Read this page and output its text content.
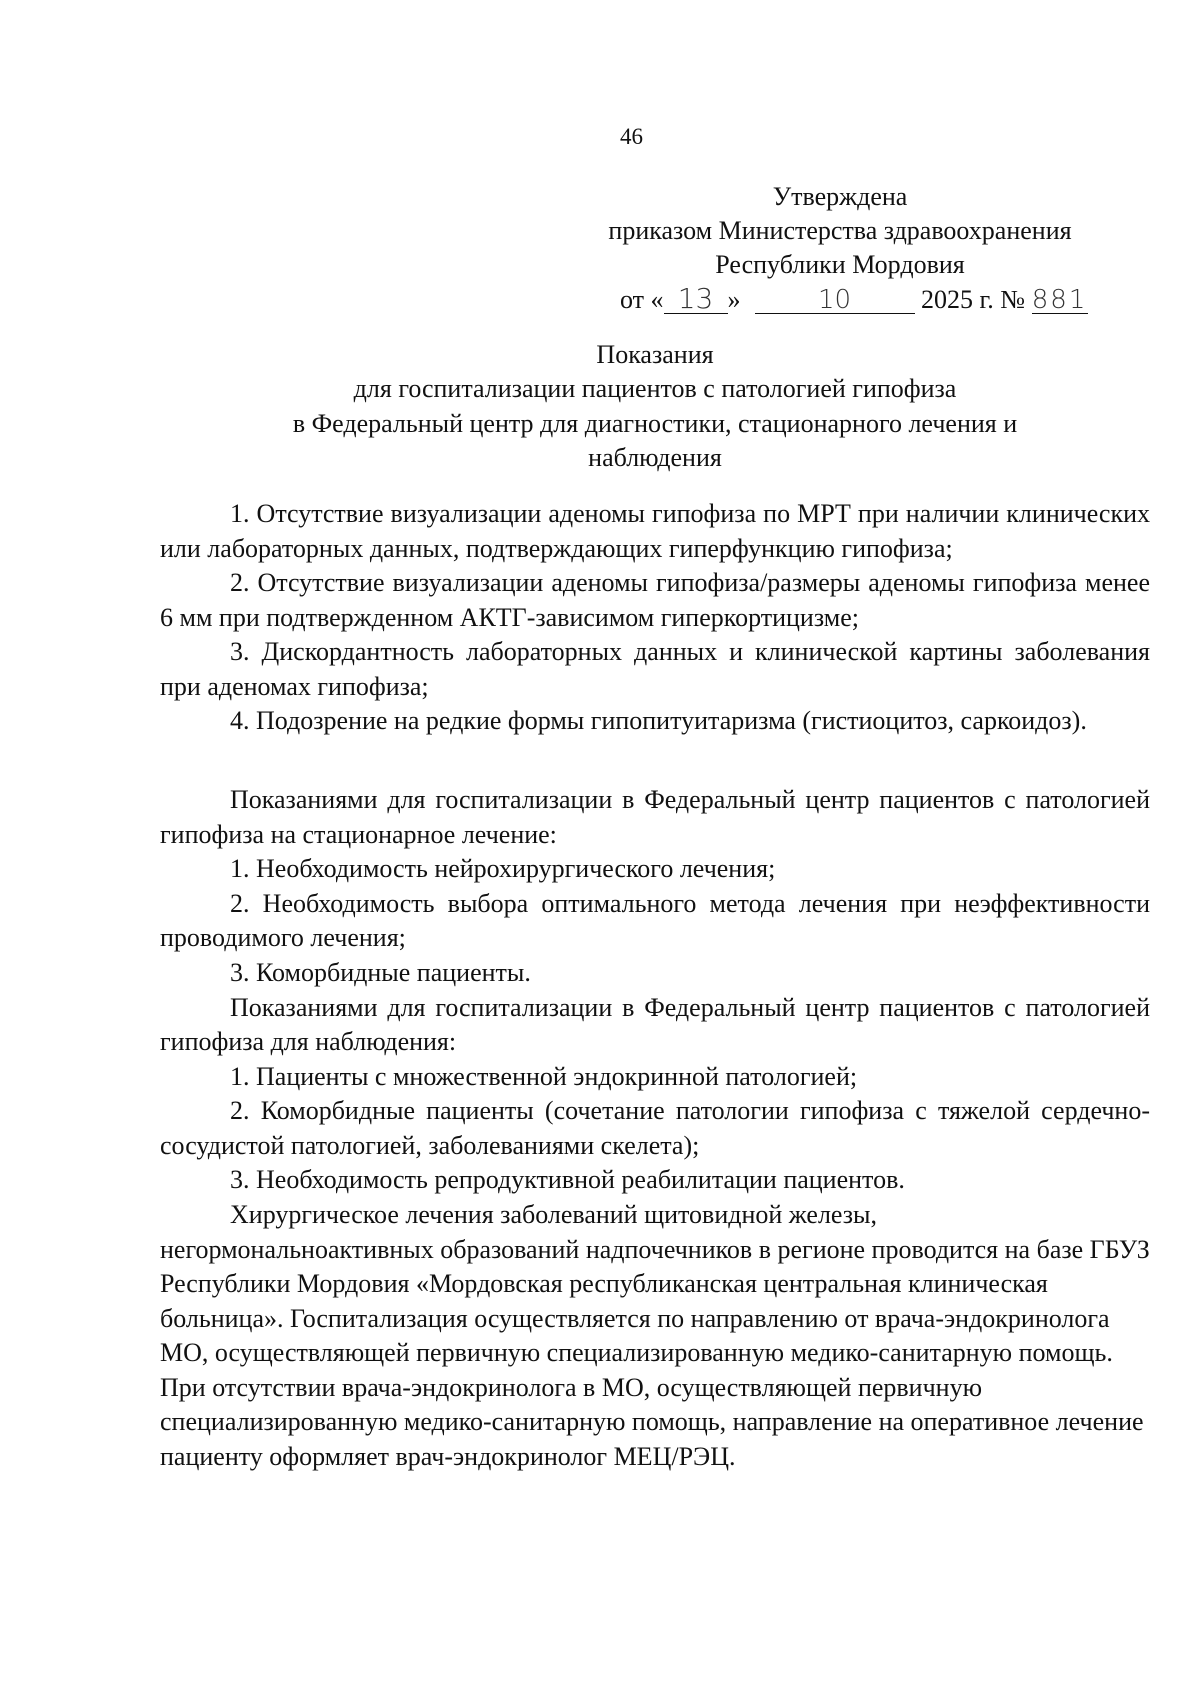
46
Утверждена
приказом Министерства здравоохранения
Республики Мордовия
от « 13 »	10	2025 г. № 881
Показания
для госпитализации пациентов с патологией гипофиза
в Федеральный центр для диагностики, стационарного лечения и
наблюдения

1. Отсутствие визуализации аденомы гипофиза по МРТ при наличии клинических или лабораторных данных, подтверждающих гиперфункцию гипофиза;

2. Отсутствие визуализации аденомы гипофиза/размеры аденомы гипофиза менее 6 мм при подтвержденном АКТГ-зависимом гиперкортицизме;

3. Дискордантность лабораторных данных и клинической картины заболевания при аденомах гипофиза;

4. Подозрение на редкие формы гипопитуитаризма (гистиоцитоз, саркоидоз).

Показаниями для госпитализации в Федеральный центр пациентов с патологией гипофиза на стационарное лечение:

1. Необходимость нейрохирургического лечения;

2. Необходимость выбора оптимального метода лечения при неэффективности проводимого лечения;

3. Коморбидные пациенты.

Показаниями для госпитализации в Федеральный центр пациентов с патологией гипофиза для наблюдения:

1. Пациенты с множественной эндокринной патологией;

2. Коморбидные пациенты (сочетание патологии гипофиза с тяжелой сердечно-сосудистой патологией, заболеваниями скелета);

3. Необходимость репродуктивной реабилитации пациентов.

Хирургическое лечения заболеваний щитовидной железы, негормональноактивных образований надпочечников в регионе проводится на базе ГБУЗ Республики Мордовия «Мордовская республиканская центральная клиническая больница». Госпитализация осуществляется по направлению от врача-эндокринолога МО, осуществляющей первичную специализированную медико-санитарную помощь. При отсутствии врача-эндокринолога в МО, осуществляющей первичную специализированную медико-санитарную помощь, направление на оперативное лечение пациенту оформляет врач-эндокринолог МЕЦ/РЭЦ.
